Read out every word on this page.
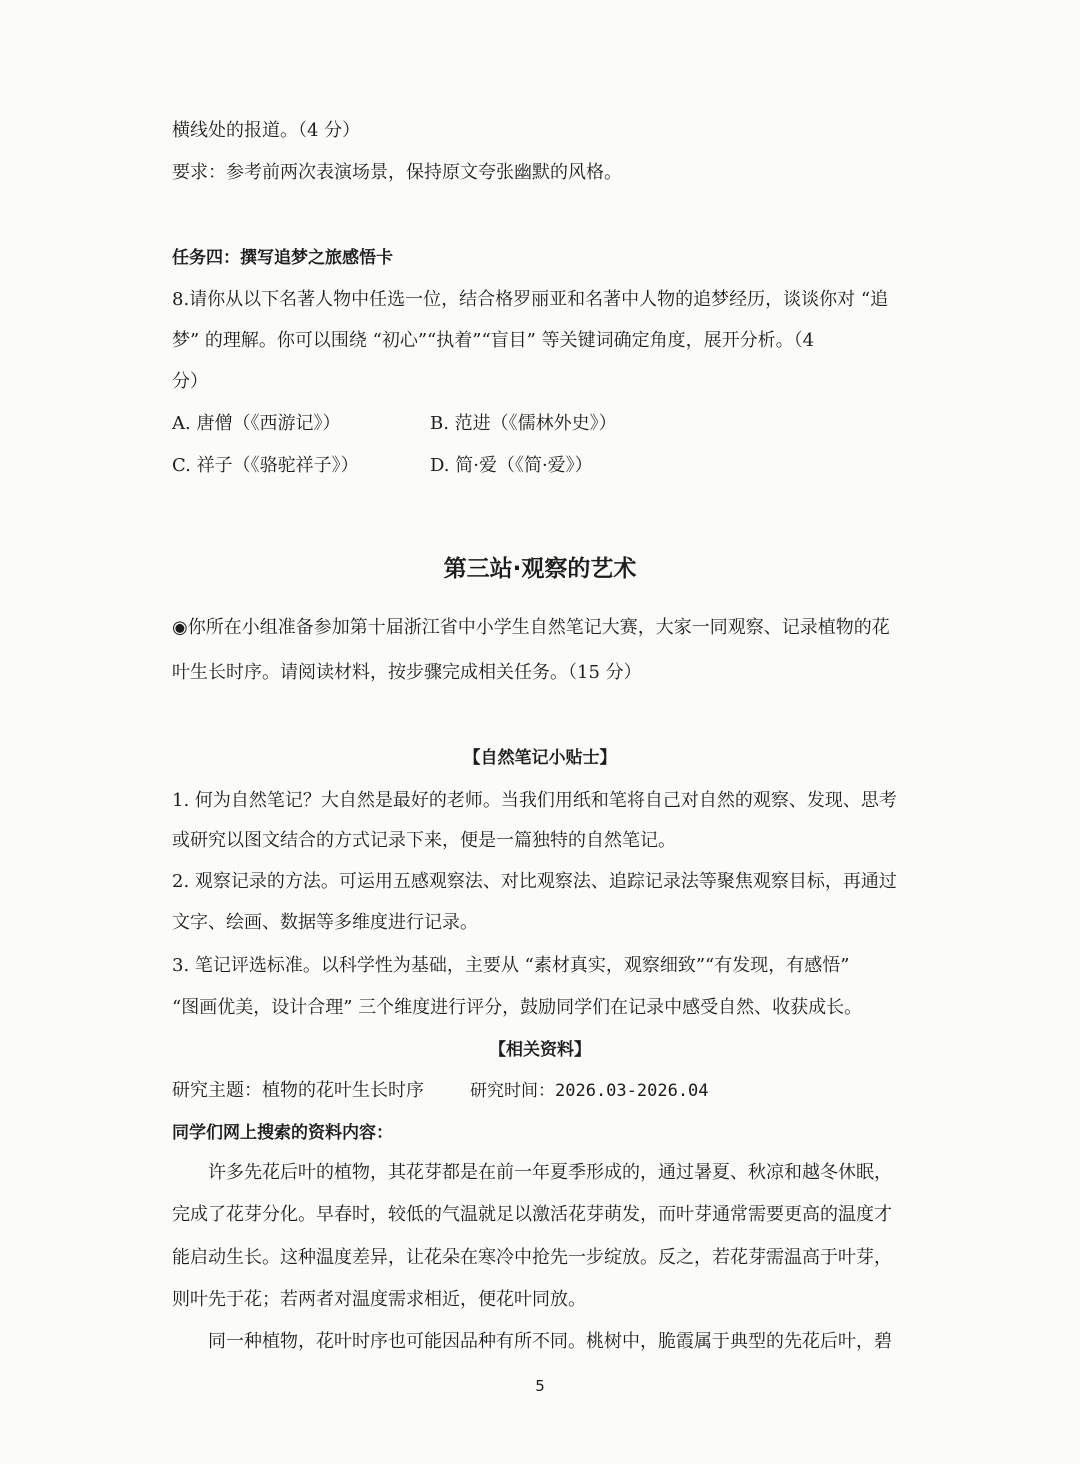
横线处的报道。（4 分）
要求：参考前两次表演场景，保持原文夸张幽默的风格。
任务四：撰写追梦之旅感悟卡
8.请你从以下名著人物中任选一位，结合格罗丽亚和名著中人物的追梦经历，谈谈你对 “追
梦” 的理解。你可以围绕 “初心”“执着”“盲目” 等关键词确定角度，展开分析。（4
分）
A. 唐僧（《西游记》）	B. 范进（《儒林外史》）
C. 祥子（《骆驼祥子》）	D. 简·爱（《简·爱》）
第三站·观察的艺术
◉你所在小组准备参加第十届浙江省中小学生自然笔记大赛，大家一同观察、记录植物的花
叶生长时序。请阅读材料，按步骤完成相关任务。（15 分）
【自然笔记小贴士】
1. 何为自然笔记？大自然是最好的老师。当我们用纸和笔将自己对自然的观察、发现、思考
或研究以图文结合的方式记录下来，便是一篇独特的自然笔记。
2. 观察记录的方法。可运用五感观察法、对比观察法、追踪记录法等聚焦观察目标，再通过
文字、绘画、数据等多维度进行记录。
3. 笔记评选标准。以科学性为基础，主要从 “素材真实，观察细致”“有发现，有感悟”
“图画优美，设计合理” 三个维度进行评分，鼓励同学们在记录中感受自然、收获成长。
【相关资料】
研究主题：植物的花叶生长时序	研究时间：2026.03-2026.04
同学们网上搜索的资料内容：
许多先花后叶的植物，其花芽都是在前一年夏季形成的，通过暑夏、秋凉和越冬休眠，
完成了花芽分化。早春时，较低的气温就足以激活花芽萌发，而叶芽通常需要更高的温度才
能启动生长。这种温度差异，让花朵在寒冷中抢先一步绽放。反之，若花芽需温高于叶芽，
则叶先于花；若两者对温度需求相近，便花叶同放。
同一种植物，花叶时序也可能因品种有所不同。桃树中，脆霞属于典型的先花后叶，碧
5
